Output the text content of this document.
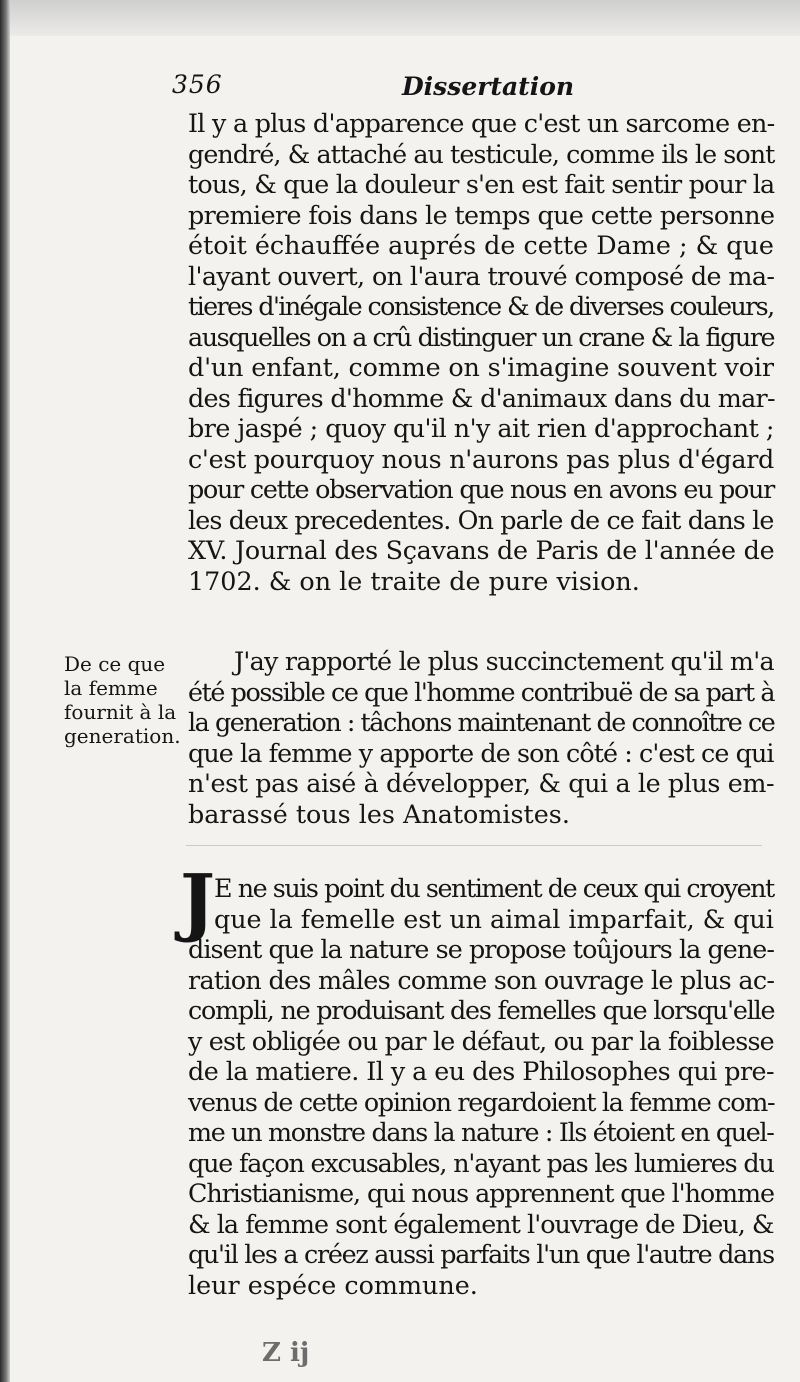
356	Dissertation
Il y a plus d'apparence que c'est un sarcome en-
gendré, & attaché au testicule, comme ils le sont
tous, & que la douleur s'en est fait sentir pour la
premiere fois dans le temps que cette personne
étoit échauffée auprés de cette Dame ; & que
l'ayant ouvert, on l'aura trouvé composé de ma-
tieres d'inégale consistence & de diverses couleurs,
ausquelles on a crû distinguer un crane & la figure
d'un enfant, comme on s'imagine souvent voir
des figures d'homme & d'animaux dans du mar-
bre jaspé ; quoy qu'il n'y ait rien d'approchant ;
c'est pourquoy nous n'aurons pas plus d'égard
pour cette observation que nous en avons eu pour
les deux precedentes. On parle de ce fait dans le
XV. Journal des Sçavans de Paris de l'année de
1702. & on le traite de pure vision.
De ce que
la femme
fournit à la
generation.
J'ay rapporté le plus succinctement qu'il m'a
été possible ce que l'homme contribuë de sa part à
la generation : tâchons maintenant de connoître ce
que la femme y apporte de son côté : c'est ce qui
n'est pas aisé à développer, & qui a le plus em-
barassé tous les Anatomistes.
J
E ne suis point du sentiment de ceux qui croyent
que la femelle est un aimal imparfait, & qui
disent que la nature se propose toûjours la gene-
ration des mâles comme son ouvrage le plus ac-
compli, ne produisant des femelles que lorsqu'elle
y est obligée ou par le défaut, ou par la foiblesse
de la matiere. Il y a eu des Philosophes qui pre-
venus de cette opinion regardoient la femme com-
me un monstre dans la nature : Ils étoient en quel-
que façon excusables, n'ayant pas les lumieres du
Christianisme, qui nous apprennent que l'homme
& la femme sont également l'ouvrage de Dieu, &
qu'il les a créez aussi parfaits l'un que l'autre dans
leur espéce commune.
Z ij
